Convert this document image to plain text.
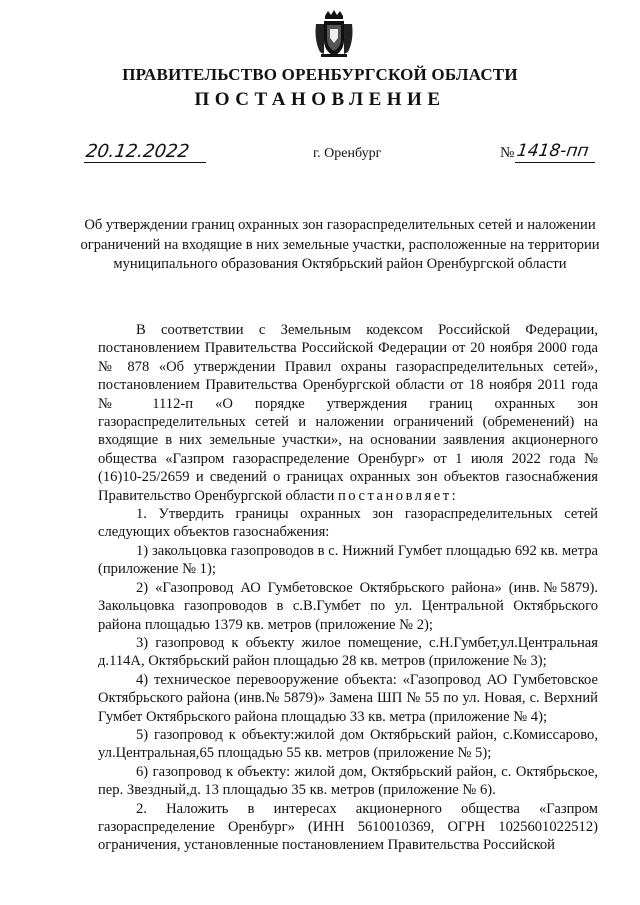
ПРАВИТЕЛЬСТВО ОРЕНБУРГСКОЙ ОБЛАСТИ
ПОСТАНОВЛЕНИЕ
20.12.2022	г. Оренбург	№ 1418-пп
Об утверждении границ охранных зон газораспределительных сетей и наложении ограничений на входящие в них земельные участки, расположенные на территории муниципального образования Октябрьский район Оренбургской области

В соответствии с Земельным кодексом Российской Федерации, постановлением Правительства Российской Федерации от 20 ноября 2000 года № 878 «Об утверждении Правил охраны газораспределительных сетей», постановлением Правительства Оренбургской области от 18 ноября 2011 года № 1112-п «О порядке утверждения границ охранных зон газораспределительных сетей и наложении ограничений (обременений) на входящие в них земельные участки», на основании заявления акционерного общества «Газпром газораспределение Оренбург» от 1 июля 2022 года № (16)10-25/2659 и сведений о границах охранных зон объектов газоснабжения Правительство Оренбургской области постановляет:

1. Утвердить границы охранных зон газораспределительных сетей следующих объектов газоснабжения:

1) закольцовка газопроводов в с. Нижний Гумбет площадью 692 кв. метра (приложение № 1);

2) «Газопровод АО Гумбетовское Октябрьского района» (инв.№5879). Закольцовка газопроводов в с.В.Гумбет по ул. Центральной Октябрьского района площадью 1379 кв. метров (приложение № 2);

3) газопровод к объекту жилое помещение, с.Н.Гумбет,ул.Центральная д.114А, Октябрьский район площадью 28 кв. метров (приложение № 3);

4) техническое перевооружение объекта: «Газопровод АО Гумбетовское Октябрьского района (инв.№ 5879)» Замена ШП № 55 по ул. Новая, с. Верхний Гумбет Октябрьского района площадью 33 кв. метра (приложение № 4);

5) газопровод к объекту:жилой дом Октябрьский район, с.Комиссарово, ул.Центральная,65 площадью 55 кв. метров (приложение № 5);

6) газопровод к объекту: жилой дом, Октябрьский район, с. Октябрьское, пер. Звездный,д. 13 площадью 35 кв. метров (приложение № 6).

2. Наложить в интересах акционерного общества «Газпром газораспределение Оренбург» (ИНН 5610010369, ОГРН 1025601022512) ограничения, установленные постановлением Правительства Российской
